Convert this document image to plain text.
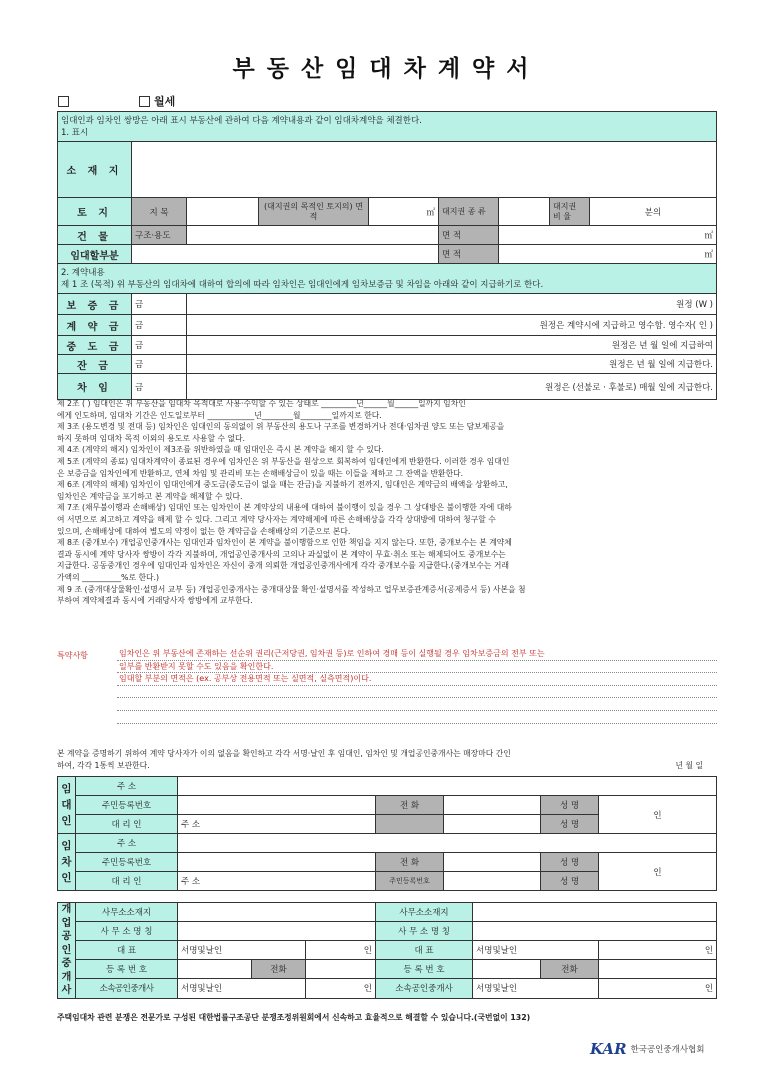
부동산임대차계약서
월세
임대인과 임차인 쌍방은 아래 표시 부동산에 관하여 다음 계약내용과 같이 임대차계약을 체결한다.
1. 표시								
소 재 지								
토 지	지 목		(대지권의 목적인 토지의) 면적	㎡	대지권 종 류		대지권 비 율	분의
건 물	구조·용도				면 적	㎡		
임대할부분					면 적	㎡		
2. 계약내용
제 1 조 (목적) 위 부동산의 임대차에 대하여 합의에 따라 임차인은 임대인에게 임차보증금 및 차임을 아래와 같이 지급하기로 한다.								
보 증 금	금	원정 (W )						
계 약 금	금	원정은 계약시에 지급하고 영수함. 영수자( 인 )						
중 도 금	금	원정은 년 월 일에 지급하여						
잔 금	금	원정은 년 월 일에 지급한다.						
차 임	금	원정은 (선불로 · 후불로) 매월 일에 지급한다.						
제 2조 ( ) 임대인은 위 부동산을 임대차 목적대로 사용·수익할 수 있는 상태로 _________년______월______일까지 임차인
에게 인도하며, 임대차 기간은 인도일로부터 ____________년________월________일까지로 한다.
제 3조 (용도변경 및 전대 등) 임차인은 임대인의 동의없이 위 부동산의 용도나 구조를 변경하거나 전대·임차권 양도 또는 담보제공을
하지 못하며 임대차 목적 이외의 용도로 사용할 수 없다.
제 4조 (계약의 해지) 임차인이 제3조를 위반하였을 때 임대인은 즉시 본 계약을 해지 할 수 있다.
제 5조 (계약의 종료) 임대차계약이 종료된 경우에 임차인은 위 부동산을 원상으로 회복하여 임대인에게 반환한다. 이러한 경우 임대인
은 보증금을 임차인에게 반환하고, 연체 차임 및 관리비 또는 손해배상금이 있을 때는 이들을 제하고 그 잔액을 반환한다.
제 6조 (계약의 해제) 임차인이 임대인에게 중도금(중도금이 없을 때는 잔금)을 지불하기 전까지, 임대인은 계약금의 배액을 상환하고,
임차인은 계약금을 포기하고 본 계약을 해제할 수 있다.
제 7조 (채무불이행과 손해배상) 임대인 또는 임차인이 본 계약상의 내용에 대하여 불이행이 있을 경우 그 상대방은 불이행한 자에 대하
여 서면으로 최고하고 계약을 해제 할 수 있다. 그리고 계약 당사자는 계약해제에 따른 손해배상을 각각 상대방에 대하여 청구할 수
있으며, 손해배상에 대하여 별도의 약정이 없는 한 계약금을 손해배상의 기준으로 본다.
제 8조 (중개보수) 개업공인중개사는 임대인과 임차인이 본 계약을 불이행함으로 인한 책임을 지지 않는다. 또한, 중개보수는 본 계약체
결과 동시에 계약 당사자 쌍방이 각각 지불하며, 개업공인중개사의 고의나 과실없이 본 계약이 무효·취소 또는 해제되어도 중개보수는
지급한다. 공동중개인 경우에 임대인과 임차인은 자신이 중개 의뢰한 개업공인중개사에게 각각 중개보수를 지급한다.(중개보수는 거래
가액의 __________%로 한다.)
제 9 조 (중개대상물확인·설명서 교부 등) 개업공인중개사는 중개대상물 확인·설명서를 작성하고 업무보증관계증서(공제증서 등) 사본을 첨
부하여 계약체결과 동시에 거래당사자 쌍방에게 교부한다.
특약사항	임차인은 위 부동산에 존재하는 선순위 권리(근저당권, 임차권 등)로 인하여 경매 등이 실행될 경우 임차보증금의 전부 또는
일부를 반환받지 못할 수도 있음을 확인한다.
임대할 부분의 면적은 (ex. 공부상 전용면적 또는 실면적, 실측면적)이다.
본 계약을 증명하기 위하여 계약 당사자가 이의 없음을 확인하고 각각 서명·날인 후 임대인, 임차인 및 개업공인중개사는 매장마다 간인
하여, 각각 1통씩 보관한다.	년 월 일
임대인	주 소					
	주민등록번호		전 화		성 명	인
	대 리 인	주 소			성 명	
임차인	주 소					
	주민등록번호		전 화		성 명	인
	대 리 인	주 소	주민등록번호		성 명	
개업공인중개사	사무소소재지				사무소소재지			
	사 무 소 명 칭				사 무 소 명 칭			
	대 표	서명및날인		인	대 표	서명및날인		인
	등 록 번 호		전화		등 록 번 호		전화	
	소속공인중개사	서명및날인		인	소속공인중개사	서명및날인		인
주택임대차 관련 분쟁은 전문가로 구성된 대한법률구조공단 분쟁조정위원회에서 신속하고 효율적으로 해결할 수 있습니다.(국번없이 132)
KAR 한국공인중개사협회
